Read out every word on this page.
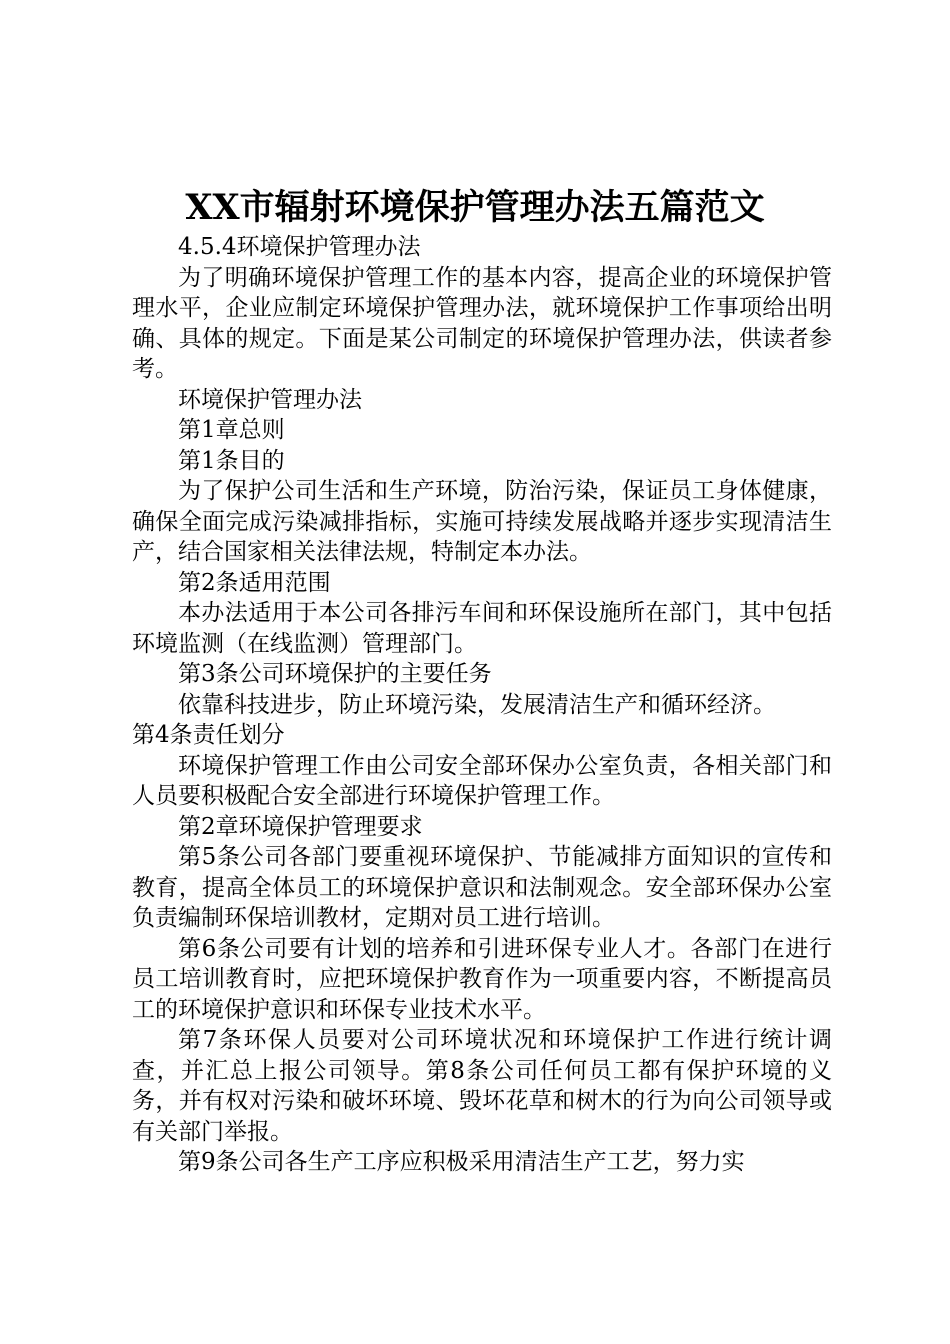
XX市辐射环境保护管理办法五篇范文

4.5.4环境保护管理办法

为了明确环境保护管理工作的基本内容，提高企业的环境保护管理水平，企业应制定环境保护管理办法，就环境保护工作事项给出明确、具体的规定。下面是某公司制定的环境保护管理办法，供读者参考。

环境保护管理办法

第1章总则

第1条目的

为了保护公司生活和生产环境，防治污染，保证员工身体健康，确保全面完成污染减排指标，实施可持续发展战略并逐步实现清洁生产，结合国家相关法律法规，特制定本办法。

第2条适用范围

本办法适用于本公司各排污车间和环保设施所在部门，其中包括环境监测（在线监测）管理部门。

第3条公司环境保护的主要任务

依靠科技进步，防止环境污染，发展清洁生产和循环经济。

第4条责任划分

环境保护管理工作由公司安全部环保办公室负责，各相关部门和人员要积极配合安全部进行环境保护管理工作。

第2章环境保护管理要求

第5条公司各部门要重视环境保护、节能减排方面知识的宣传和教育，提高全体员工的环境保护意识和法制观念。安全部环保办公室负责编制环保培训教材，定期对员工进行培训。

第6条公司要有计划的培养和引进环保专业人才。各部门在进行员工培训教育时，应把环境保护教育作为一项重要内容，不断提高员工的环境保护意识和环保专业技术水平。

第7条环保人员要对公司环境状况和环境保护工作进行统计调查，并汇总上报公司领导。第8条公司任何员工都有保护环境的义务，并有权对污染和破坏环境、毁坏花草和树木的行为向公司领导或有关部门举报。

第9条公司各生产工序应积极采用清洁生产工艺，努力实
